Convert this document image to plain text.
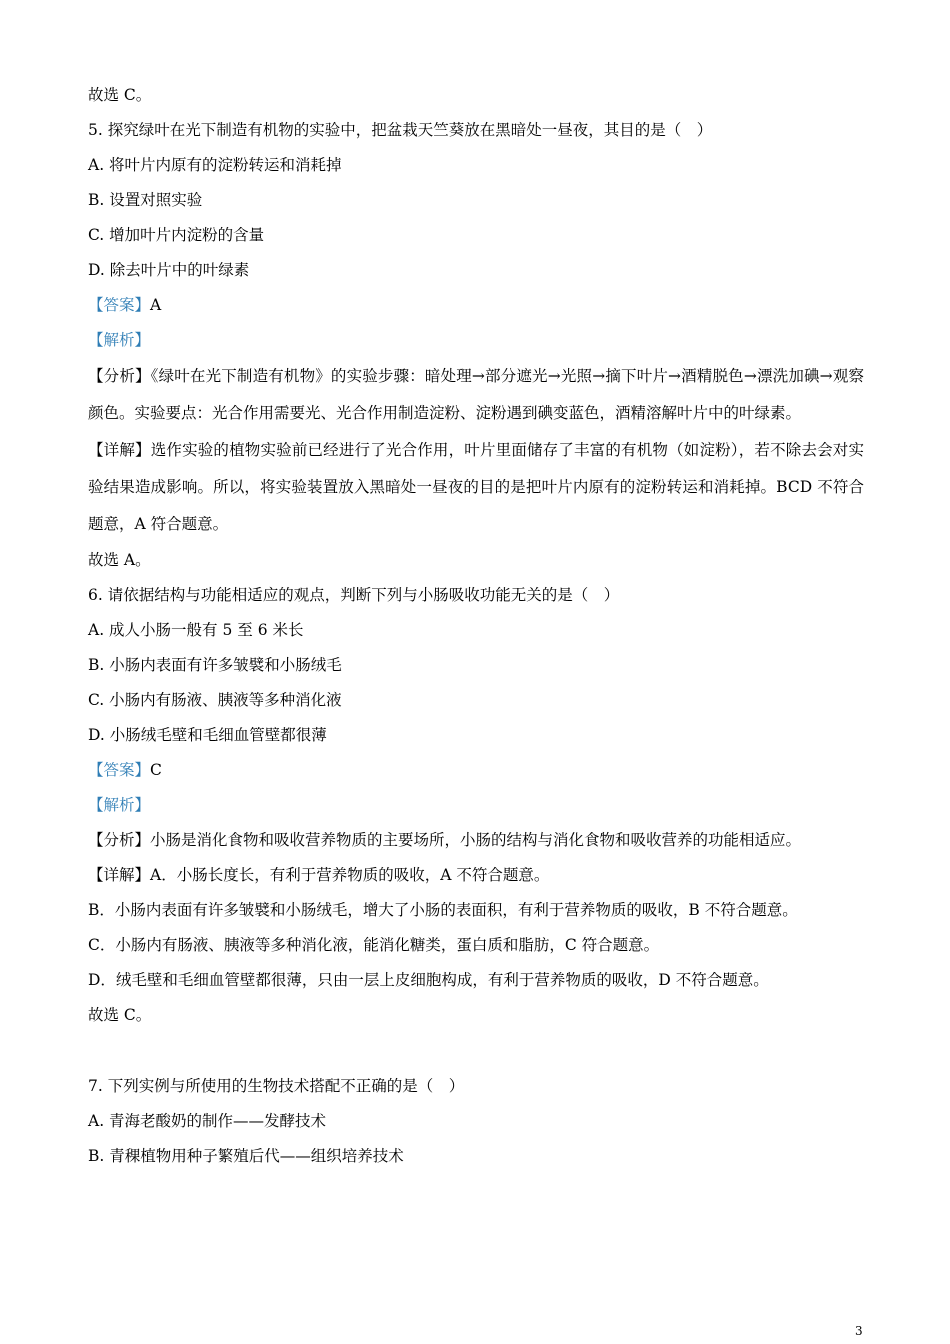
故选 C。
5. 探究绿叶在光下制造有机物的实验中，把盆栽天竺葵放在黑暗处一昼夜，其目的是（　）
A. 将叶片内原有的淀粉转运和消耗掉
B. 设置对照实验
C. 增加叶片内淀粉的含量
D. 除去叶片中的叶绿素
【答案】A
【解析】
【分析】《绿叶在光下制造有机物》的实验步骤：暗处理→部分遮光→光照→摘下叶片→酒精脱色→漂洗加碘→观察颜色。实验要点：光合作用需要光、光合作用制造淀粉、淀粉遇到碘变蓝色，酒精溶解叶片中的叶绿素。
【详解】选作实验的植物实验前已经进行了光合作用，叶片里面储存了丰富的有机物（如淀粉），若不除去会对实验结果造成影响。所以，将实验装置放入黑暗处一昼夜的目的是把叶片内原有的淀粉转运和消耗掉。BCD 不符合题意，A 符合题意。
故选 A。
6. 请依据结构与功能相适应的观点，判断下列与小肠吸收功能无关的是（　）
A. 成人小肠一般有 5 至 6 米长
B. 小肠内表面有许多皱襞和小肠绒毛
C. 小肠内有肠液、胰液等多种消化液
D. 小肠绒毛壁和毛细血管壁都很薄
【答案】C
【解析】
【分析】小肠是消化食物和吸收营养物质的主要场所，小肠的结构与消化食物和吸收营养的功能相适应。
【详解】A．小肠长度长，有利于营养物质的吸收，A 不符合题意。
B．小肠内表面有许多皱襞和小肠绒毛，增大了小肠的表面积，有利于营养物质的吸收，B 不符合题意。
C．小肠内有肠液、胰液等多种消化液，能消化糖类，蛋白质和脂肪，C 符合题意。
D．绒毛壁和毛细血管壁都很薄，只由一层上皮细胞构成，有利于营养物质的吸收，D 不符合题意。
故选 C。
7. 下列实例与所使用的生物技术搭配不正确的是（　）
A. 青海老酸奶的制作——发酵技术
B. 青稞植物用种子繁殖后代——组织培养技术
3
